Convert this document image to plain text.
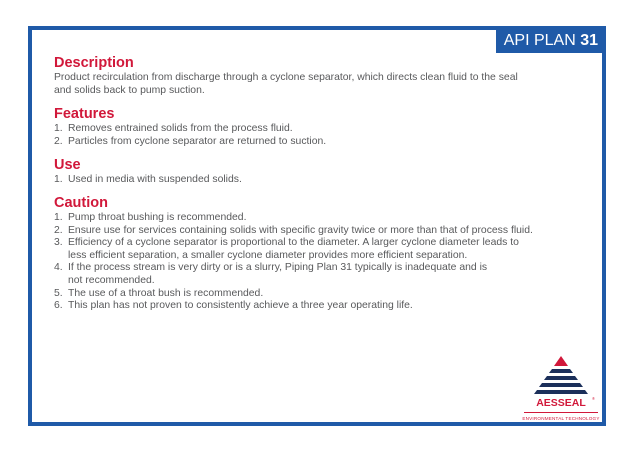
API PLAN 31
Description

Product recirculation from discharge through a cyclone separator, which directs clean fluid to the seal

and solids back to pump suction.

Features
1. Removes entrained solids from the process fluid.
2. Particles from cyclone separator are returned to suction.
Use
1. Used in media with suspended solids.
Caution
1. Pump throat bushing is recommended.
2. Ensure use for services containing solids with specific gravity twice or more than that of process fluid.
3. Efficiency of a cyclone separator is proportional to the diameter. A larger cyclone diameter leads to
less efficient separation, a smaller cyclone diameter provides more efficient separation.
4. If the process stream is very dirty or is a slurry, Piping Plan 31 typically is inadequate and is
not recommended.
5. The use of a throat bush is recommended.
6. This plan has not proven to consistently achieve a three year operating life.
AESSEAL ®
ENVIRONMENTAL TECHNOLOGY
